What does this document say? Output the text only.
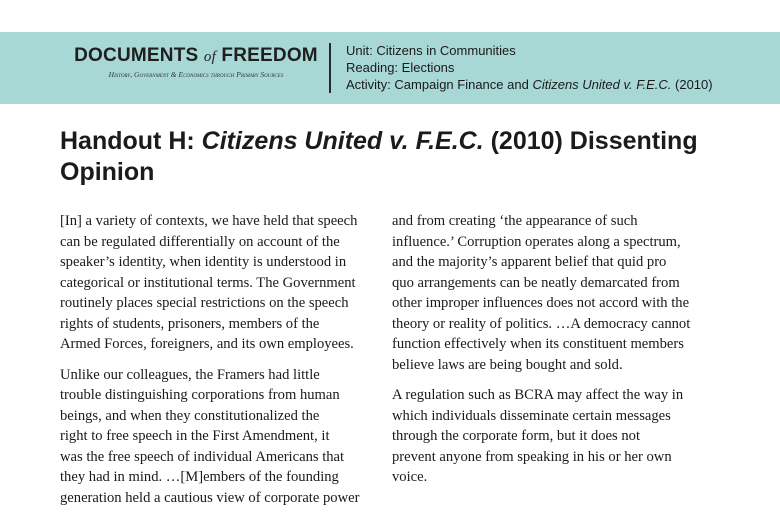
DOCUMENTS of FREEDOM
History, Government & Economics through Primary Sources
Unit: Citizens in Communities
Reading: Elections
Activity: Campaign Finance and Citizens United v. F.E.C. (2010)
Handout H: Citizens United v. F.E.C. (2010) Dissenting
Opinion

[In] a variety of contexts, we have held that speech
can be regulated differentially on account of the
speaker’s identity, when identity is understood in
categorical or institutional terms. The Government
routinely places special restrictions on the speech
rights of students, prisoners, members of the
Armed Forces, foreigners, and its own employees.

Unlike our colleagues, the Framers had little
trouble distinguishing corporations from human
beings, and when they constitutionalized the
right to free speech in the First Amendment, it
was the free speech of individual Americans that
they had in mind. …[M]embers of the founding
generation held a cautious view of corporate power

and from creating ‘the appearance of such
influence.’ Corruption operates along a spectrum,
and the majority’s apparent belief that quid pro
quo arrangements can be neatly demarcated from
other improper influences does not accord with the
theory or reality of politics. …A democracy cannot
function effectively when its constituent members
believe laws are being bought and sold.

A regulation such as BCRA may affect the way in
which individuals disseminate certain messages
through the corporate form, but it does not
prevent anyone from speaking in his or her own
voice.
